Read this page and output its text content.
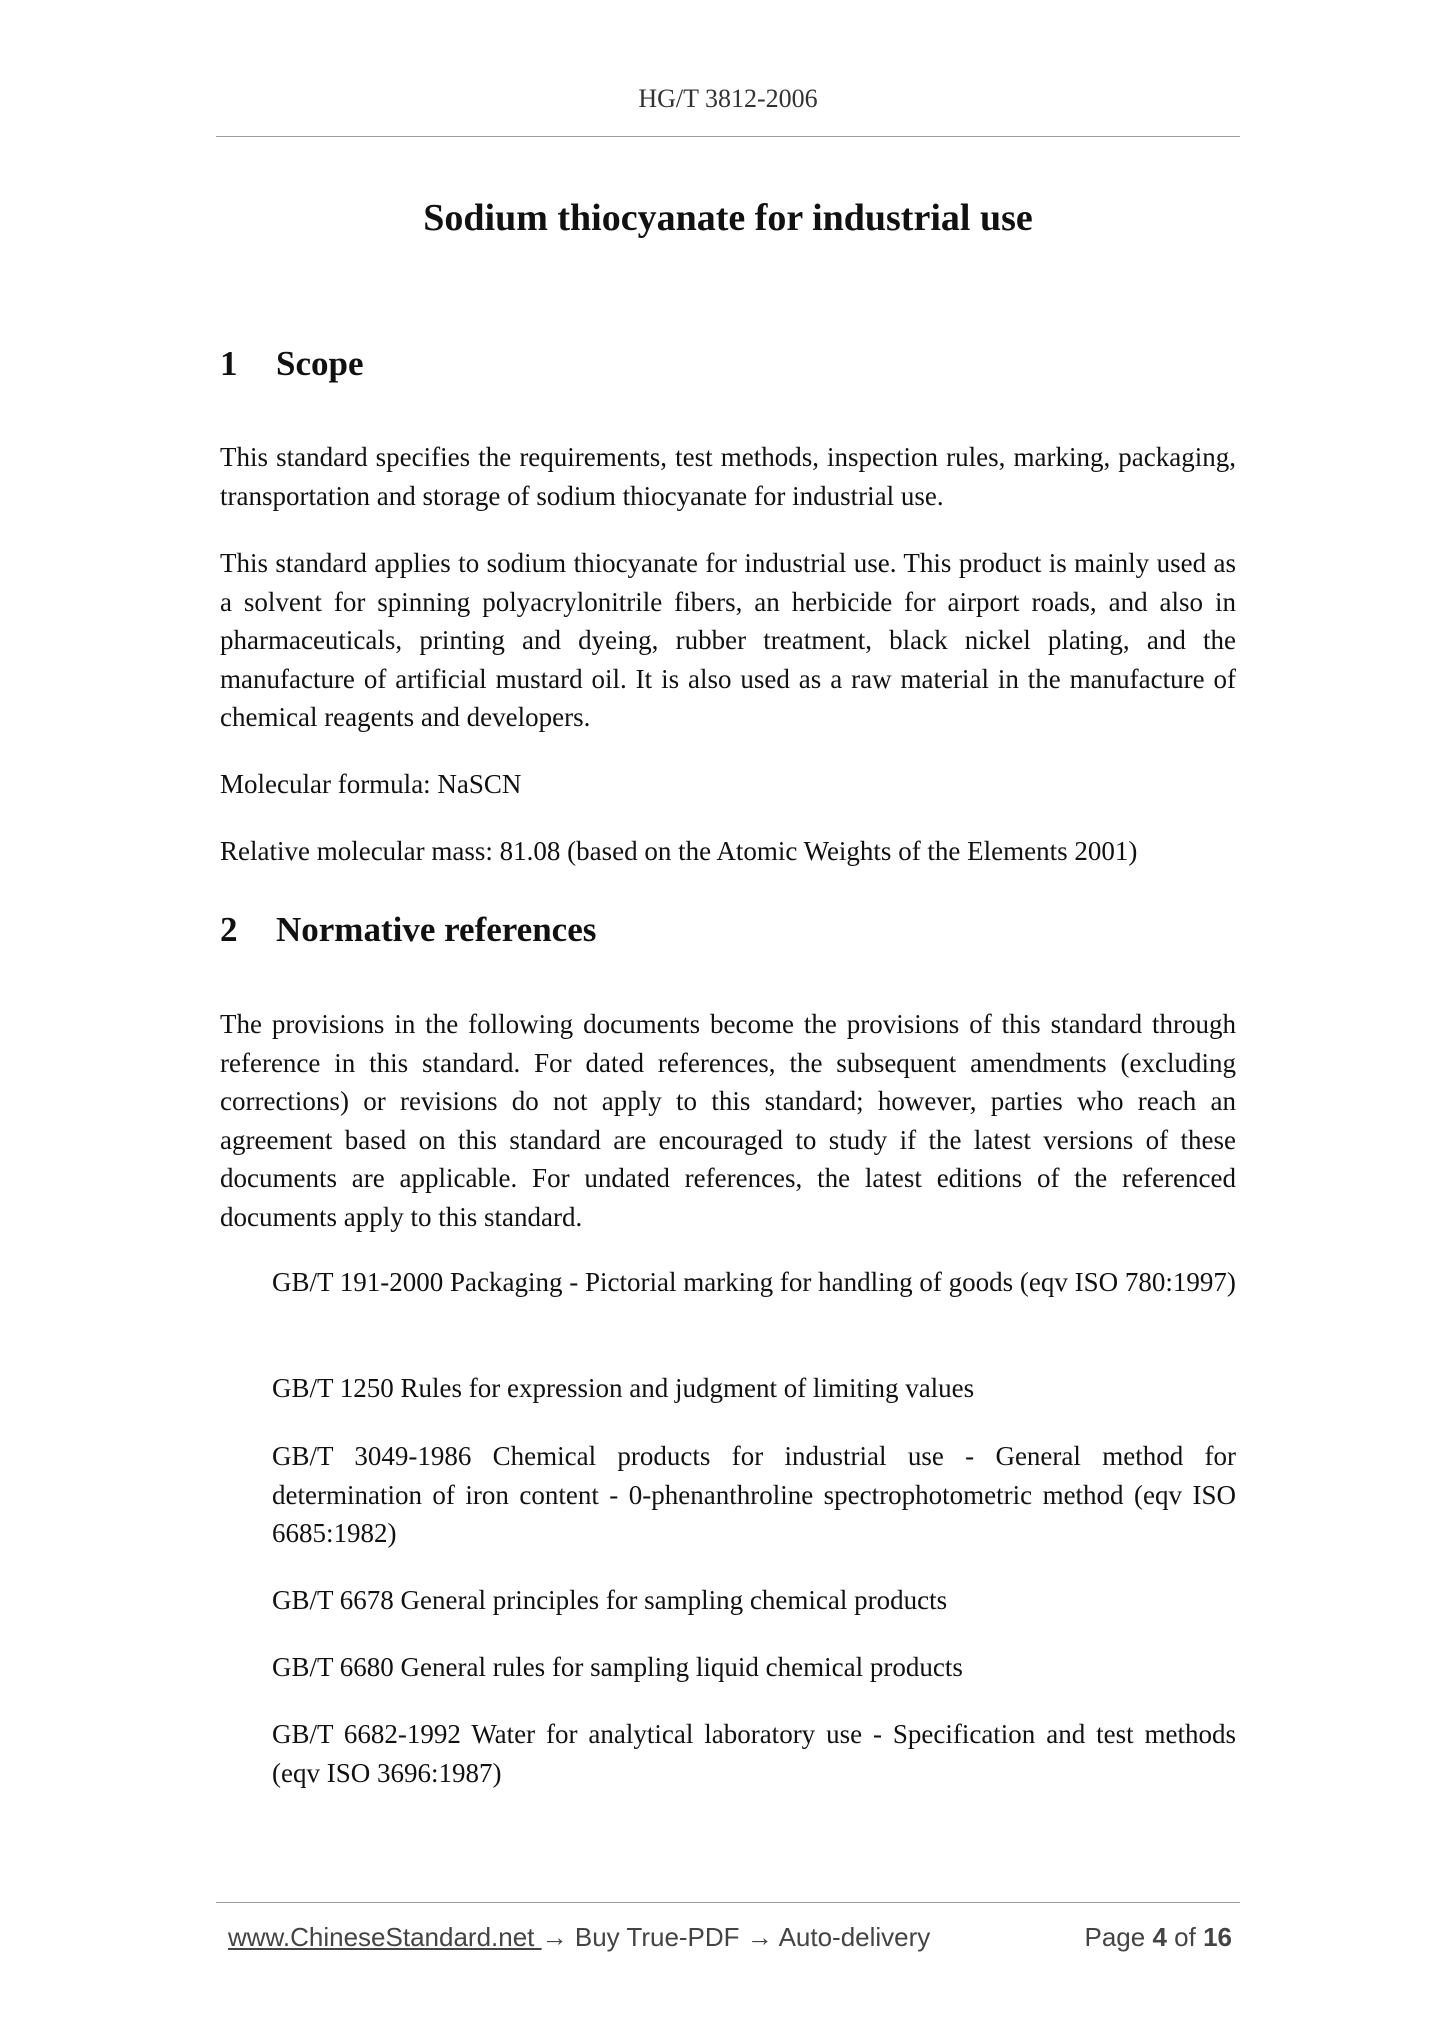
HG/T 3812-2006
Sodium thiocyanate for industrial use
1 Scope
This standard specifies the requirements, test methods, inspection rules, marking, packaging, transportation and storage of sodium thiocyanate for industrial use.
This standard applies to sodium thiocyanate for industrial use. This product is mainly used as a solvent for spinning polyacrylonitrile fibers, an herbicide for airport roads, and also in pharmaceuticals, printing and dyeing, rubber treatment, black nickel plating, and the manufacture of artificial mustard oil. It is also used as a raw material in the manufacture of chemical reagents and developers.
Molecular formula: NaSCN
Relative molecular mass: 81.08 (based on the Atomic Weights of the Elements 2001)
2 Normative references
The provisions in the following documents become the provisions of this standard through reference in this standard. For dated references, the subsequent amendments (excluding corrections) or revisions do not apply to this standard; however, parties who reach an agreement based on this standard are encouraged to study if the latest versions of these documents are applicable. For undated references, the latest editions of the referenced documents apply to this standard.
GB/T 191-2000 Packaging - Pictorial marking for handling of goods (eqv ISO 780:1997)
GB/T 1250 Rules for expression and judgment of limiting values
GB/T 3049-1986 Chemical products for industrial use - General method for determination of iron content - 0-phenanthroline spectrophotometric method (eqv ISO 6685:1982)
GB/T 6678 General principles for sampling chemical products
GB/T 6680 General rules for sampling liquid chemical products
GB/T 6682-1992 Water for analytical laboratory use - Specification and test methods (eqv ISO 3696:1987)
www.ChineseStandard.net → Buy True-PDF → Auto-delivery	Page 4 of 16
